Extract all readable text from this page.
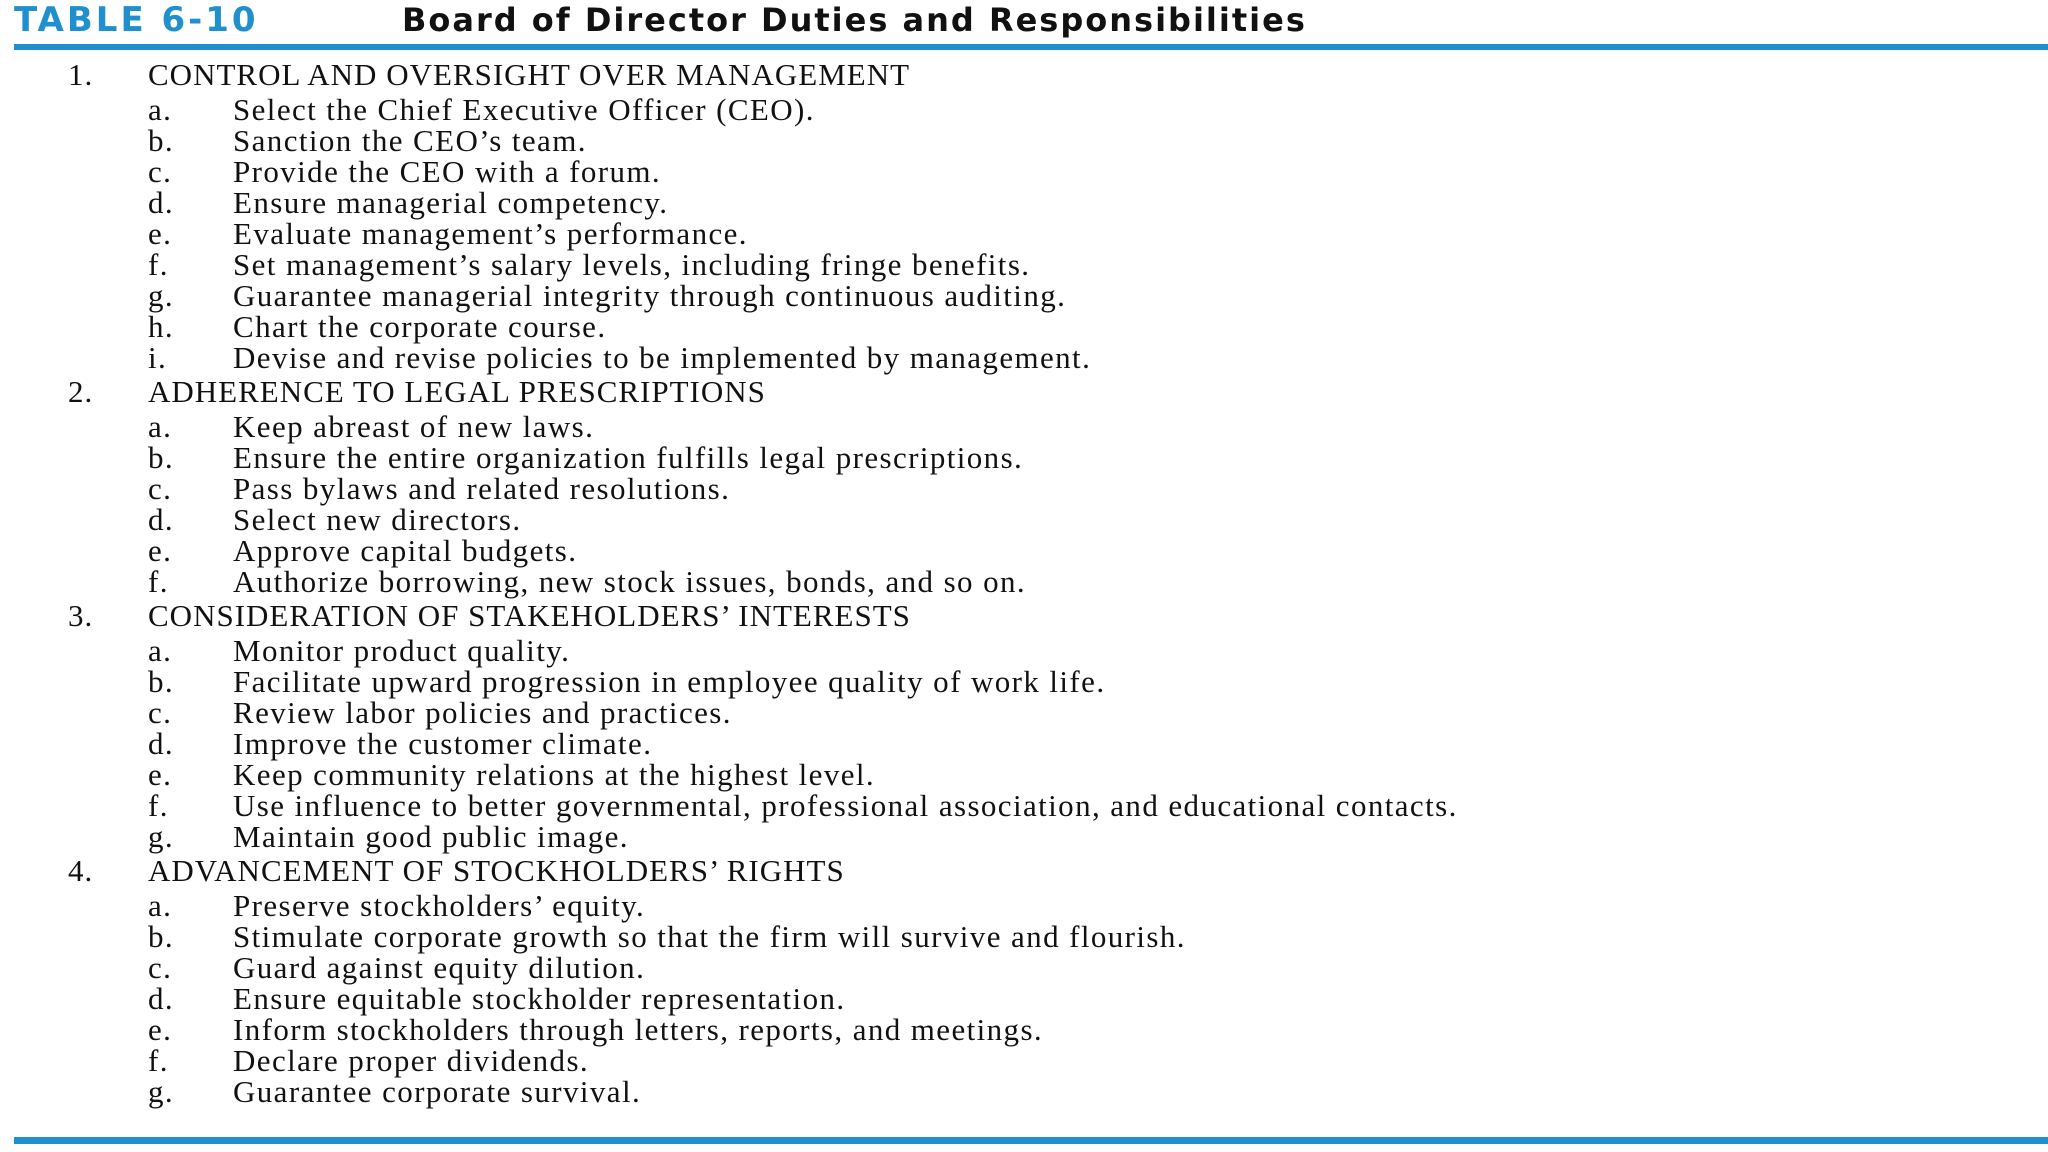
TABLE 6-10	Board of Director Duties and Responsibilities
1. CONTROL AND OVERSIGHT OVER MANAGEMENT
a. Select the Chief Executive Officer (CEO).
b. Sanction the CEO’s team.
c. Provide the CEO with a forum.
d. Ensure managerial competency.
e. Evaluate management’s performance.
f. Set management’s salary levels, including fringe benefits.
g. Guarantee managerial integrity through continuous auditing.
h. Chart the corporate course.
i. Devise and revise policies to be implemented by management.
2. ADHERENCE TO LEGAL PRESCRIPTIONS
a. Keep abreast of new laws.
b. Ensure the entire organization fulfills legal prescriptions.
c. Pass bylaws and related resolutions.
d. Select new directors.
e. Approve capital budgets.
f. Authorize borrowing, new stock issues, bonds, and so on.
3. CONSIDERATION OF STAKEHOLDERS’ INTERESTS
a. Monitor product quality.
b. Facilitate upward progression in employee quality of work life.
c. Review labor policies and practices.
d. Improve the customer climate.
e. Keep community relations at the highest level.
f. Use influence to better governmental, professional association, and educational contacts.
g. Maintain good public image.
4. ADVANCEMENT OF STOCKHOLDERS’ RIGHTS
a. Preserve stockholders’ equity.
b. Stimulate corporate growth so that the firm will survive and flourish.
c. Guard against equity dilution.
d. Ensure equitable stockholder representation.
e. Inform stockholders through letters, reports, and meetings.
f. Declare proper dividends.
g. Guarantee corporate survival.
